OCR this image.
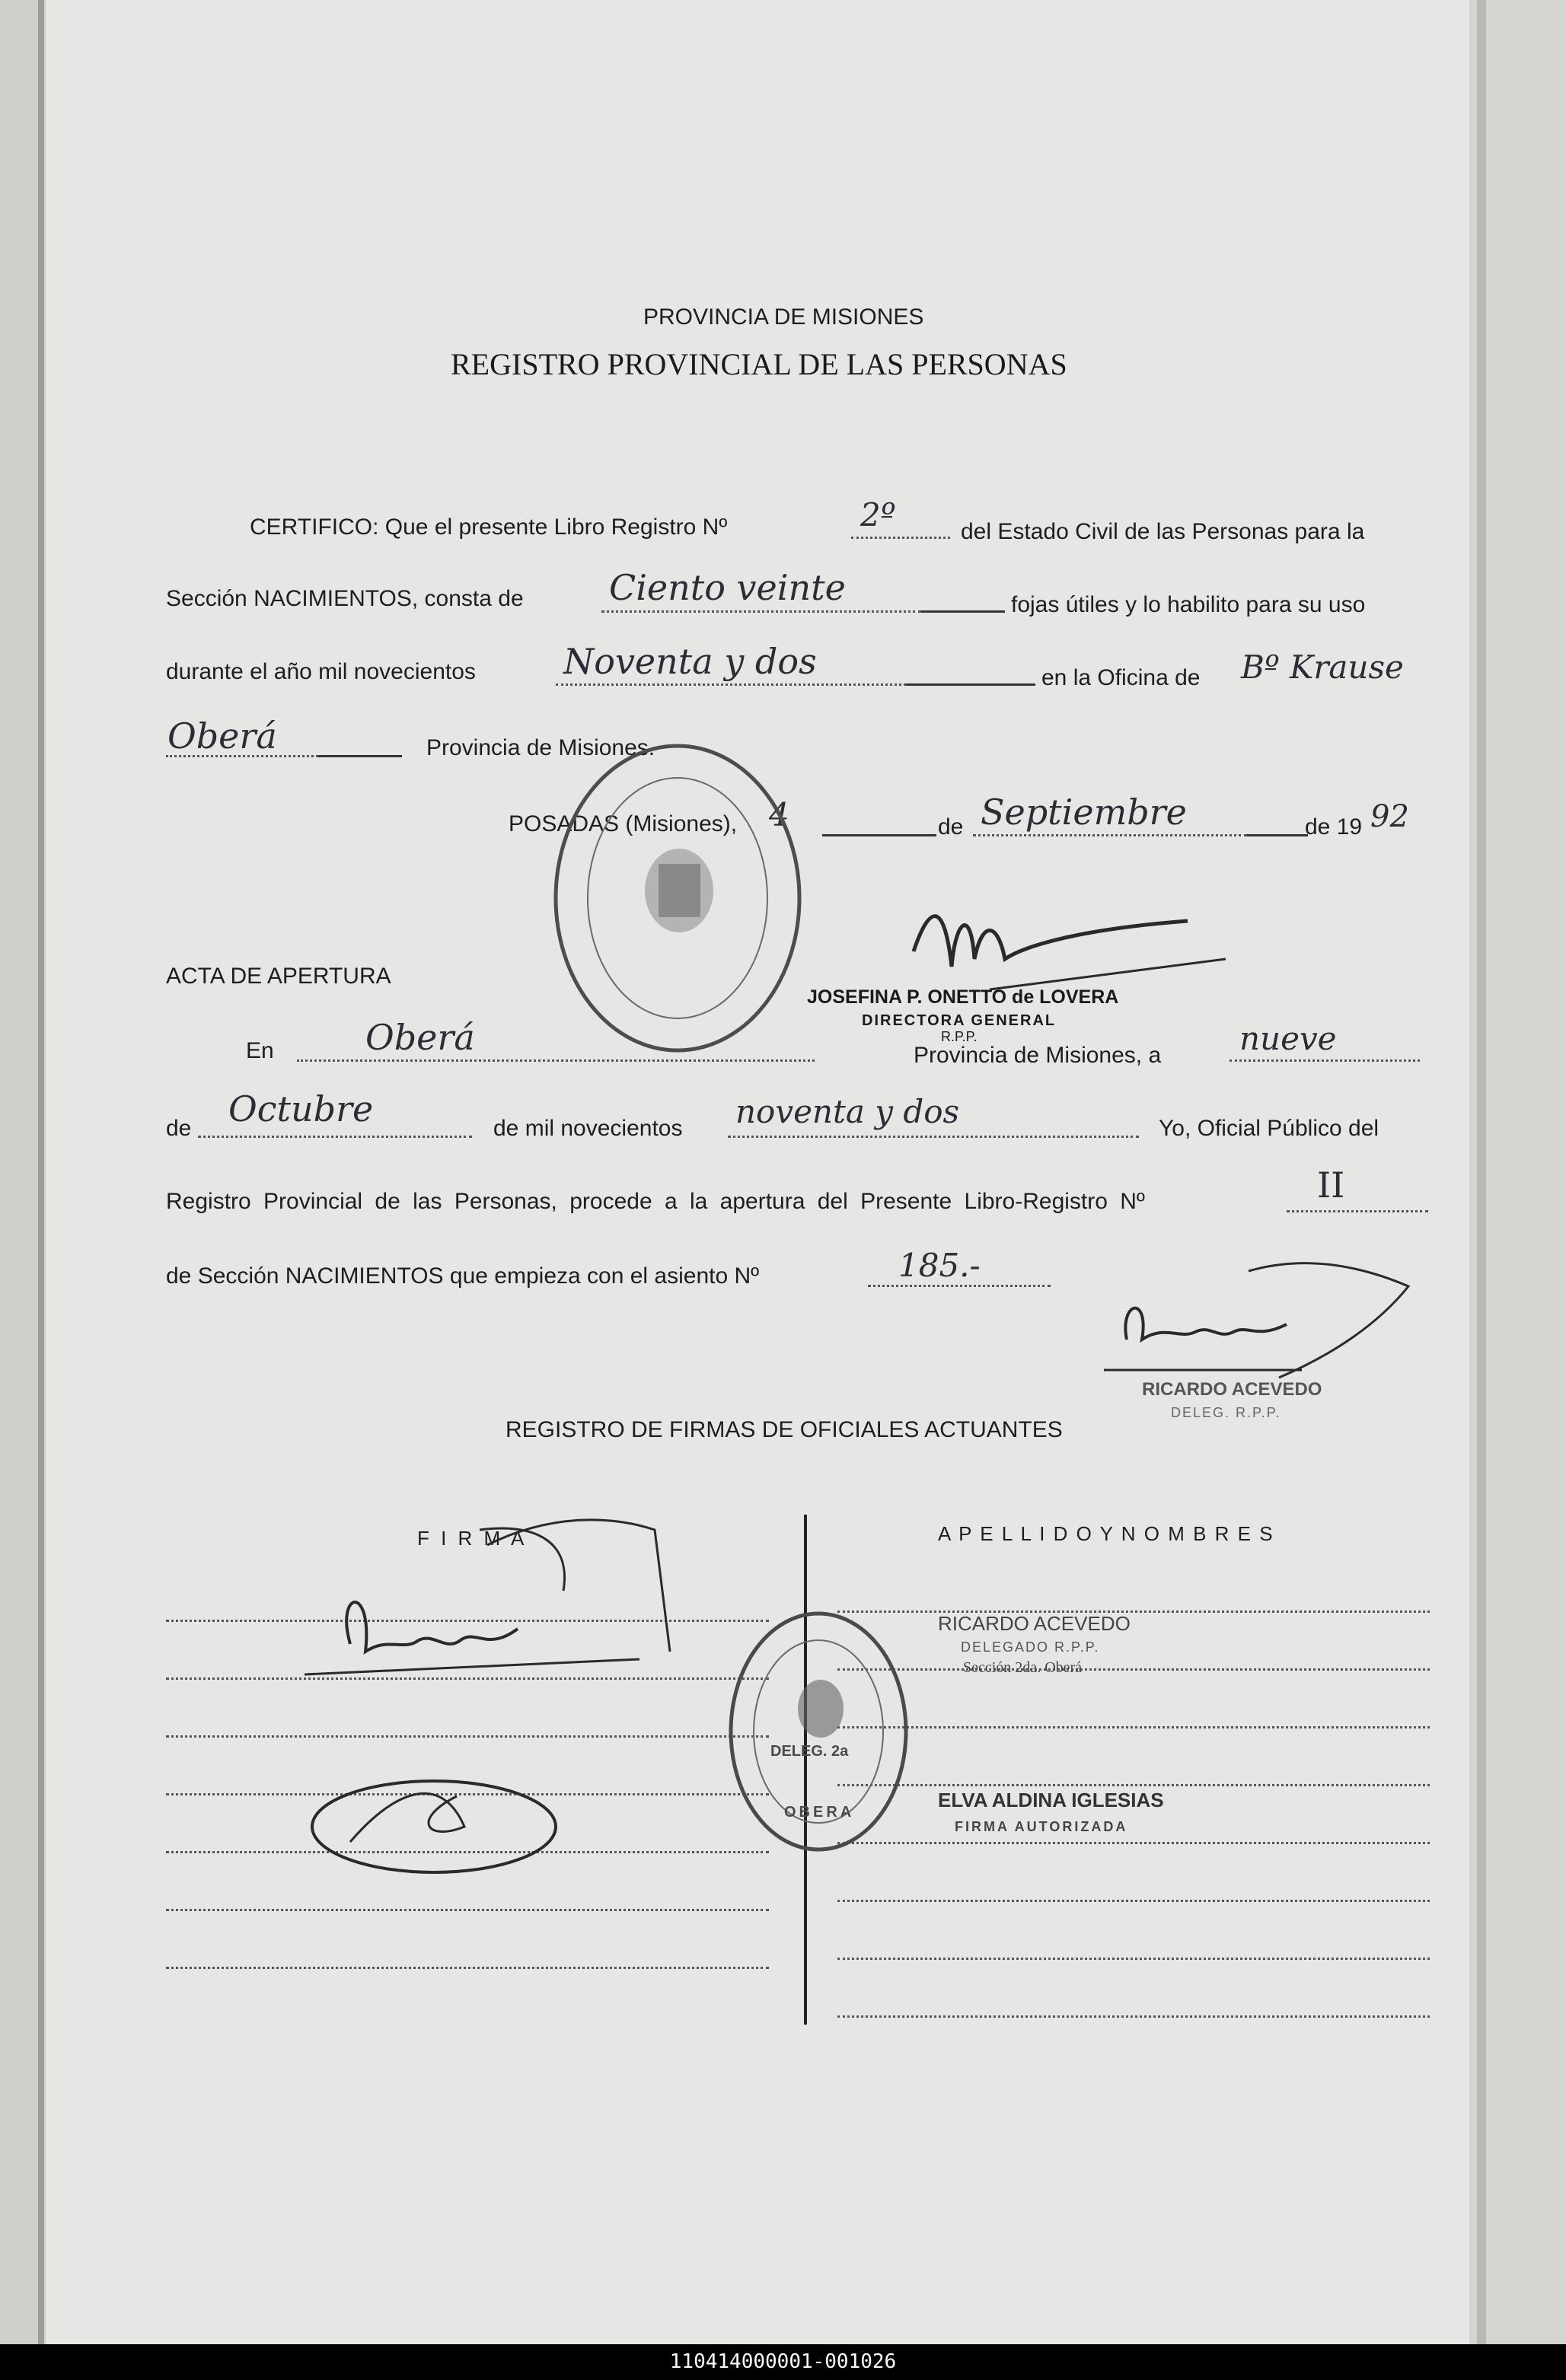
PROVINCIA DE MISIONES
REGISTRO PROVINCIAL DE LAS PERSONAS
CERTIFICO: Que el presente Libro Registro Nº	2º	del Estado Civil de las Personas para la
Sección NACIMIENTOS, consta de Ciento veinte	fojas útiles y lo habilito para su uso
durante el año mil novecientos	Noventa y dos	en la Oficina de Bº Krause
Oberá	Provincia de Misiones.
POSADAS (Misiones), 4	de Septiembre	de 19 92
JOSEFINA P. ONETTO de LOVERA
DIRECTORA GENERAL
R.P.P.
ACTA DE APERTURA
En	Oberá	Provincia de Misiones, a nueve
de Octubre	de mil novecientos noventa y dos	Yo, Oficial Público del
Registro Provincial de las Personas, procede a la apertura del Presente Libro-Registro Nº	II
de Sección NACIMIENTOS que empieza con el asiento Nº	185.-
RICARDO ACEVEDO
DELEG. R.P.P.
REGISTRO DE FIRMAS DE OFICIALES ACTUANTES
F I R M A	A P E L L I D O Y N O M B R E S
DELEG. 2a
OBERA
RICARDO ACEVEDO
DELEGADO R.P.P.
Sección 2da. Oberá
ELVA ALDINA IGLESIAS
FIRMA AUTORIZADA
110414000001-001026
